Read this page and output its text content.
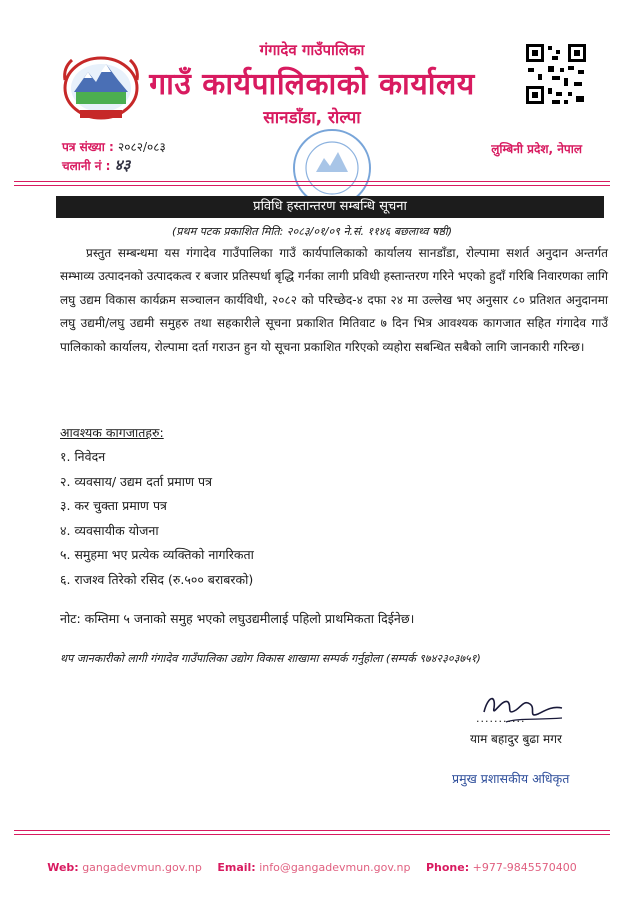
गंगादेव गाउँपालिका
गाउँ कार्यपालिकाको कार्यालय
सानडाँडा, रोल्पा
पत्र संख्या : २०८२/०८३
चलानी नं : ४३
लुम्बिनी प्रदेश, नेपाल
प्रविधि हस्तान्तरण सम्बन्धि सूचना
(प्रथम पटक प्रकाशित मिति: २०८३/०१/०९ ने.सं. ११४६ बछलाथ्व षष्ठी)

प्रस्तुत सम्बन्धमा यस गंगादेव गाउँपालिका गाउँ कार्यपालिकाको कार्यालय सानडाँडा, रोल्पामा सशर्त अनुदान अन्तर्गत सम्भाव्य उत्पादनको उत्पादकत्व र बजार प्रतिस्पर्धा बृद्धि गर्नका लागी प्रविधी हस्तान्तरण गरिने भएको हुदाँ गरिबि निवारणका लागि लघु उद्यम विकास कार्यक्रम सञ्चालन कार्यविधी, २०८२ को परिच्छेद-४ दफा २४ मा उल्लेख भए अनुसार ८० प्रतिशत अनुदानमा लघु उद्यमी/लघु उद्यमी समुहरु तथा सहकारीले सूचना प्रकाशित मितिवाट ७ दिन भित्र आवश्यक कागजात सहित गंगादेव गाउँ पालिकाको कार्यालय, रोल्पामा दर्ता गराउन हुन यो सूचना प्रकाशित गरिएको व्यहोरा सबन्धित सबैको लागि जानकारी गरिन्छ।

आवश्यक कागजातहरु:
१. निवेदन
२. व्यवसाय/ उद्यम दर्ता प्रमाण पत्र
३. कर चुक्ता प्रमाण पत्र
४. व्यवसायीक योजना
५. समुहमा भए प्रत्येक व्यक्तिको नागरिकता
६. राजश्व तिरेको रसिद (रु.५०० बराबरको)
नोट: कम्तिमा ५ जनाको समुह भएको लघुउद्यमीलाई पहिलो प्राथमिकता दिईनेछ।
थप जानकारीको लागी गंगादेव गाउँपालिका उद्योग विकास शाखामा सम्पर्क गर्नुहोला (सम्पर्क ९७४२३०३७५१)
...........
याम बहादुर बुढा मगर
प्रमुख प्रशासकीय अधिकृत
Web: gangadevmun.gov.np Email: info@gangadevmun.gov.np Phone: +977-9845570400
